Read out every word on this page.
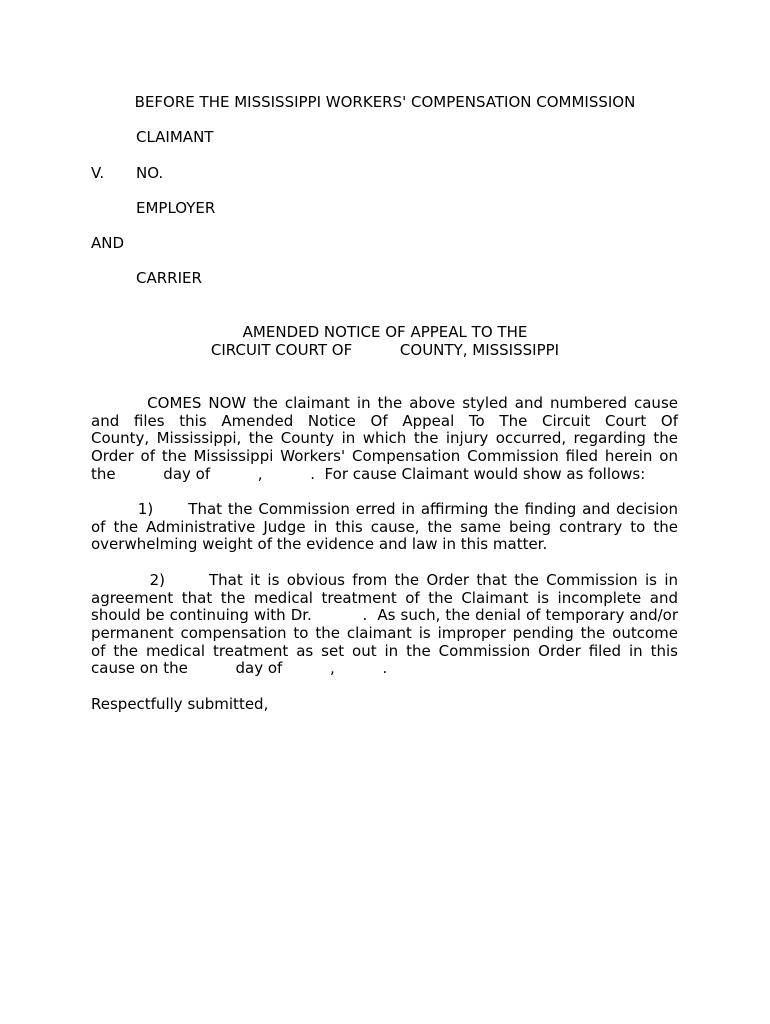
BEFORE THE MISSISSIPPI WORKERS' COMPENSATION COMMISSION
CLAIMANT
V. NO.
EMPLOYER
AND
CARRIER
AMENDED NOTICE OF APPEAL TO THE
CIRCUIT COURT OF          COUNTY, MISSISSIPPI
COMES NOW the claimant in the above styled and numbered cause
and files this Amended Notice Of Appeal To The Circuit Court Of
County, Mississippi, the County in which the injury occurred, regarding the
Order of the Mississippi Workers' Compensation Commission filed herein on
the          day of          ,          .  For cause Claimant would show as follows:
1)      That the Commission erred in affirming the finding and decision
of the Administrative Judge in this cause, the same being contrary to the
overwhelming weight of the evidence and law in this matter.
2)      That it is obvious from the Order that the Commission is in
agreement that the medical treatment of the Claimant is incomplete and
should be continuing with Dr.          .  As such, the denial of temporary and/or
permanent compensation to the claimant is improper pending the outcome
of the medical treatment as set out in the Commission Order filed in this
cause on the          day of          ,          .
Respectfully submitted,
